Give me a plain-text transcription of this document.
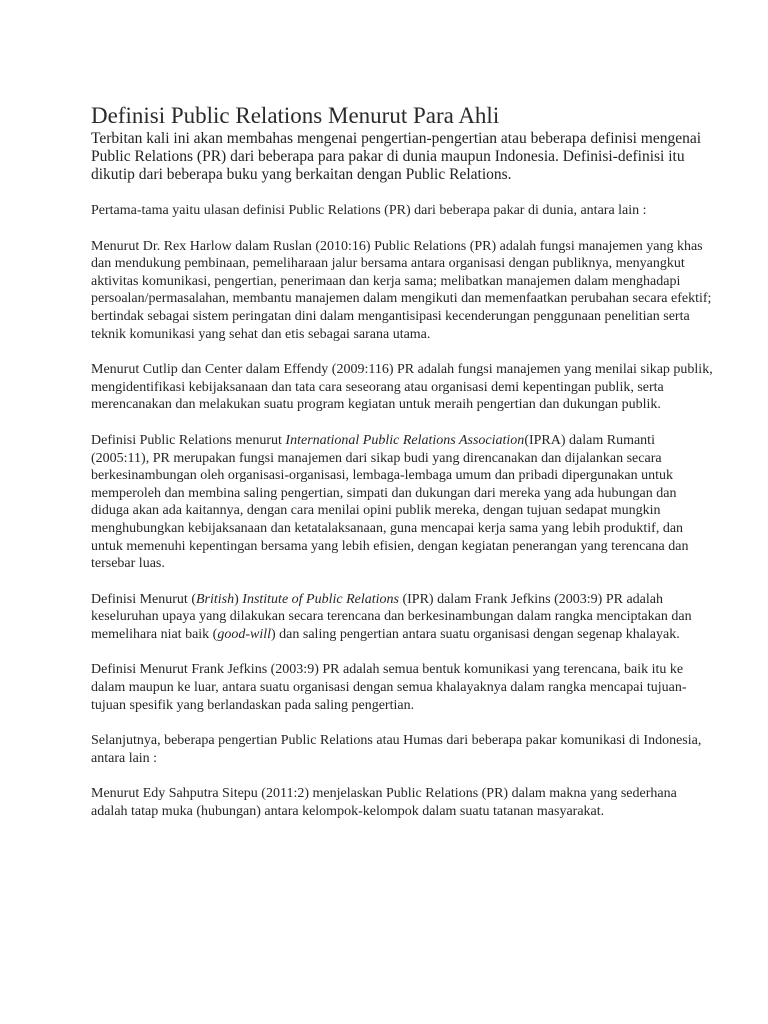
Definisi Public Relations Menurut Para Ahli
Terbitan kali ini akan membahas mengenai pengertian-pengertian atau beberapa definisi mengenai Public Relations (PR) dari beberapa para pakar di dunia maupun Indonesia. Definisi-definisi itu dikutip dari beberapa buku yang berkaitan dengan Public Relations.

Pertama-tama yaitu ulasan definisi Public Relations (PR) dari beberapa pakar di dunia, antara lain :

Menurut Dr. Rex Harlow dalam Ruslan (2010:16) Public Relations (PR) adalah fungsi manajemen yang khas dan mendukung pembinaan, pemeliharaan jalur bersama antara organisasi dengan publiknya, menyangkut aktivitas komunikasi, pengertian, penerimaan dan kerja sama; melibatkan manajemen dalam menghadapi persoalan/permasalahan, membantu manajemen dalam mengikuti dan memenfaatkan perubahan secara efektif; bertindak sebagai sistem peringatan dini dalam mengantisipasi kecenderungan penggunaan penelitian serta teknik komunikasi yang sehat dan etis sebagai sarana utama.

Menurut Cutlip dan Center dalam Effendy (2009:116) PR adalah fungsi manajemen yang menilai sikap publik, mengidentifikasi kebijaksanaan dan tata cara seseorang atau organisasi demi kepentingan publik, serta merencanakan dan melakukan suatu program kegiatan untuk meraih pengertian dan dukungan publik.

Definisi Public Relations menurut International Public Relations Association(IPRA) dalam Rumanti (2005:11), PR merupakan fungsi manajemen dari sikap budi yang direncanakan dan dijalankan secara berkesinambungan oleh organisasi-organisasi, lembaga-lembaga umum dan pribadi dipergunakan untuk memperoleh dan membina saling pengertian, simpati dan dukungan dari mereka yang ada hubungan dan diduga akan ada kaitannya, dengan cara menilai opini publik mereka, dengan tujuan sedapat mungkin menghubungkan kebijaksanaan dan ketatalaksanaan, guna mencapai kerja sama yang lebih produktif, dan untuk memenuhi kepentingan bersama yang lebih efisien, dengan kegiatan penerangan yang terencana dan tersebar luas.

Definisi Menurut (British) Institute of Public Relations (IPR) dalam Frank Jefkins (2003:9) PR adalah keseluruhan upaya yang dilakukan secara terencana dan berkesinambungan dalam rangka menciptakan dan memelihara niat baik (good-will) dan saling pengertian antara suatu organisasi dengan segenap khalayak.

Definisi Menurut Frank Jefkins (2003:9) PR adalah semua bentuk komunikasi yang terencana, baik itu ke dalam maupun ke luar, antara suatu organisasi dengan semua khalayaknya dalam rangka mencapai tujuan-tujuan spesifik yang berlandaskan pada saling pengertian.

Selanjutnya, beberapa pengertian Public Relations atau Humas dari beberapa pakar komunikasi di Indonesia, antara lain :

Menurut Edy Sahputra Sitepu (2011:2) menjelaskan Public Relations (PR) dalam makna yang sederhana adalah tatap muka (hubungan) antara kelompok-kelompok dalam suatu tatanan masyarakat.
